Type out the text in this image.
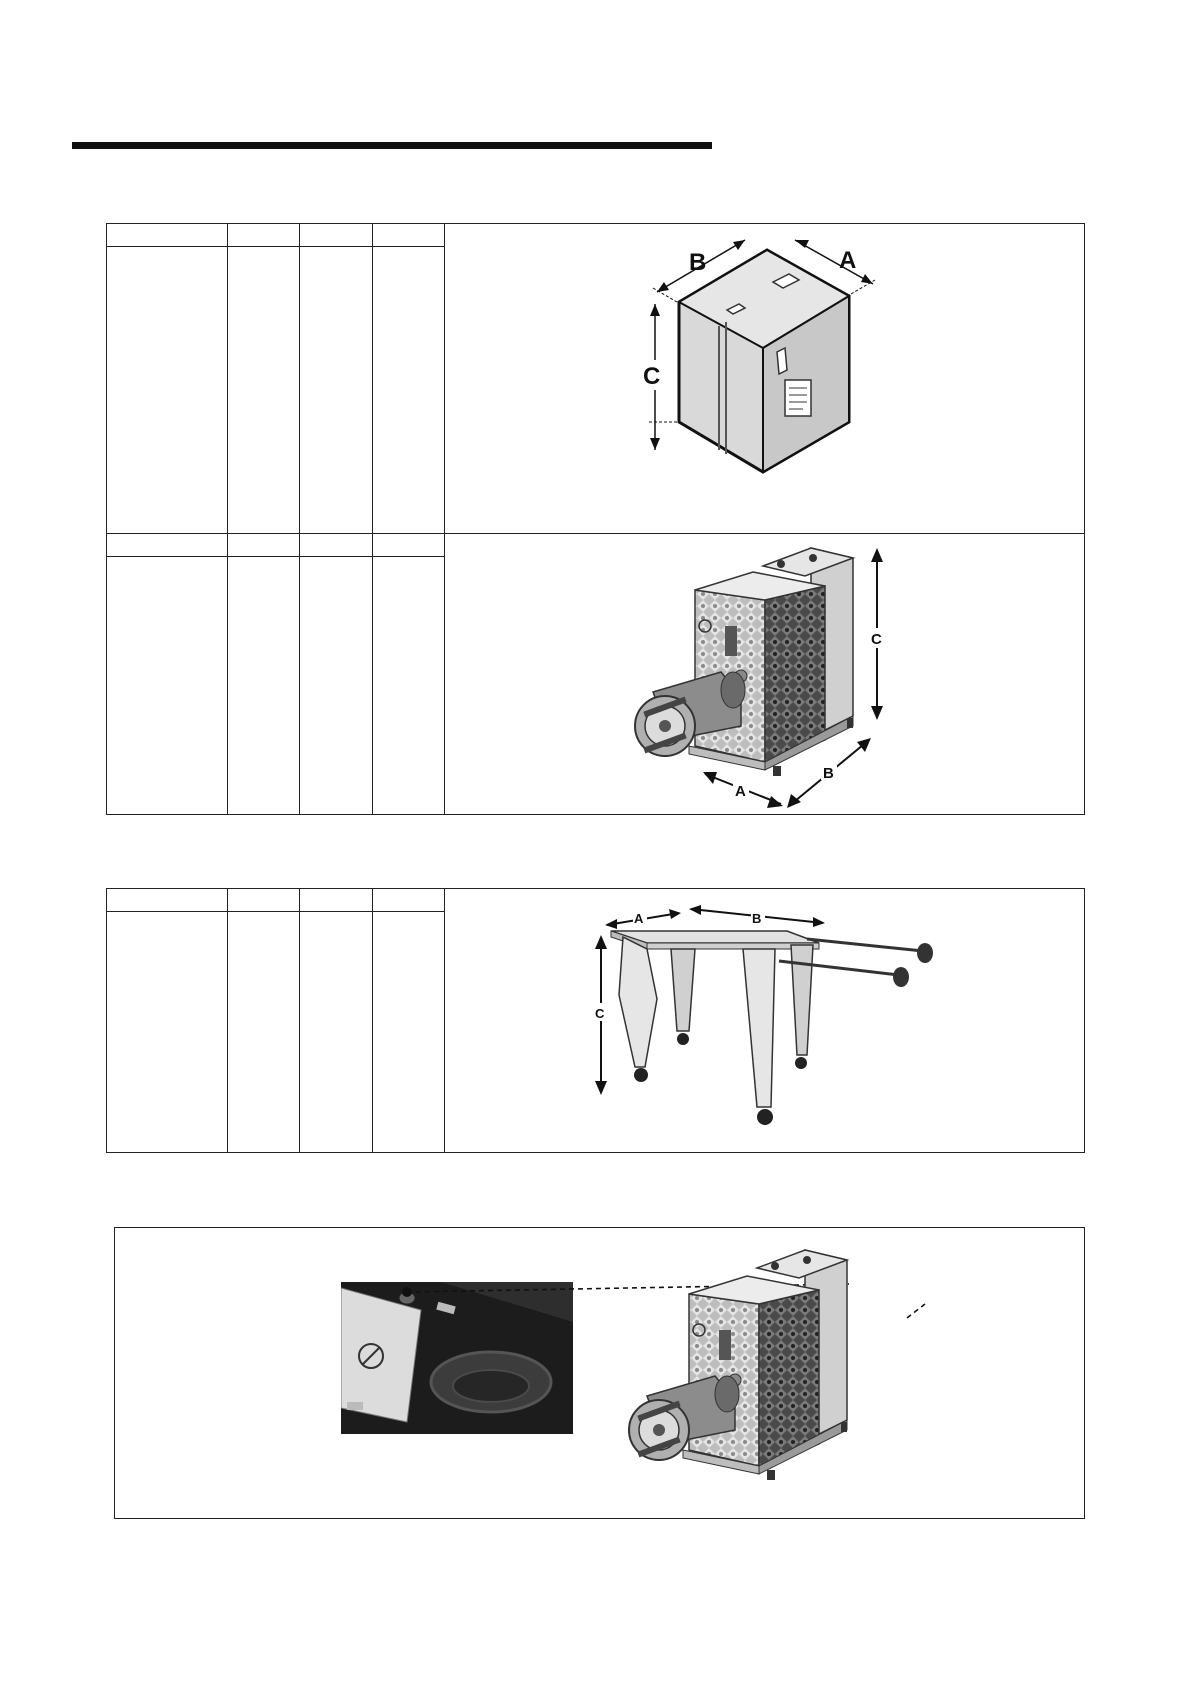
B	A
C
C
A
B

A	B
C
